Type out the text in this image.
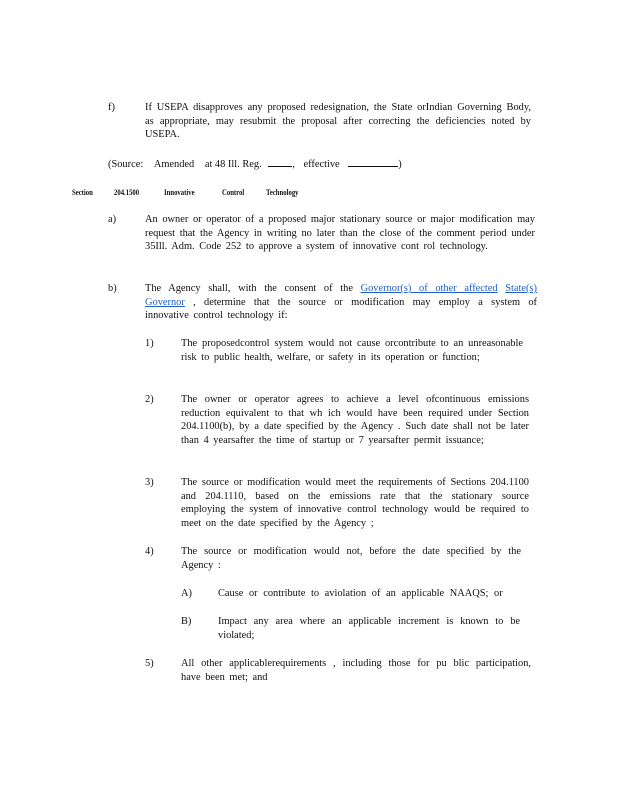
f)	If USEPA disapproves any proposed redesignation, the State orIndian Governing Body, as appropriate, may resubmit the proposal after correcting the deficiencies noted by USEPA.

(Source: Amended at 48 Ill. Reg.	, effective	)
Section 204.1500	Innovative	Control	Technology
a)	An owner or operator of a proposed major stationary source or major modification may request that the Agency in writing no later than the close of the comment period under 35Ill. Adm. Code 252 to approve a system of innovative cont rol technology.

b)	The Agency shall, with the consent of the Governor(s) of other affected State(s) Governor , determine that the source or modification may employ a system of innovative control technology if:

1)	The proposedcontrol system would not cause orcontribute to an unreasonable risk to public health, welfare, or safety in its operation or function;

2)	The owner or operator agrees to achieve a level ofcontinuous emissions reduction equivalent to that wh ich would have been required under Section 204.1100(b), by a date specified by the Agency . Such date shall not be later than 4 yearsafter the time of startup or 7 yearsafter permit issuance;

3)	The source or modification would meet the requirements of Sections 204.1100 and 204.1110, based on the emissions rate that the stationary source employing the system of innovative control technology would be required to meet on the date specified by the Agency ;

4)	The source or modification would not, before the date specified by the Agency :

A)	Cause or contribute to aviolation of an applicable NAAQS; or

B)	Impact any area where an applicable increment is known to be violated;

5)	All other applicablerequirements , including those for pu blic participation, have been met; and
